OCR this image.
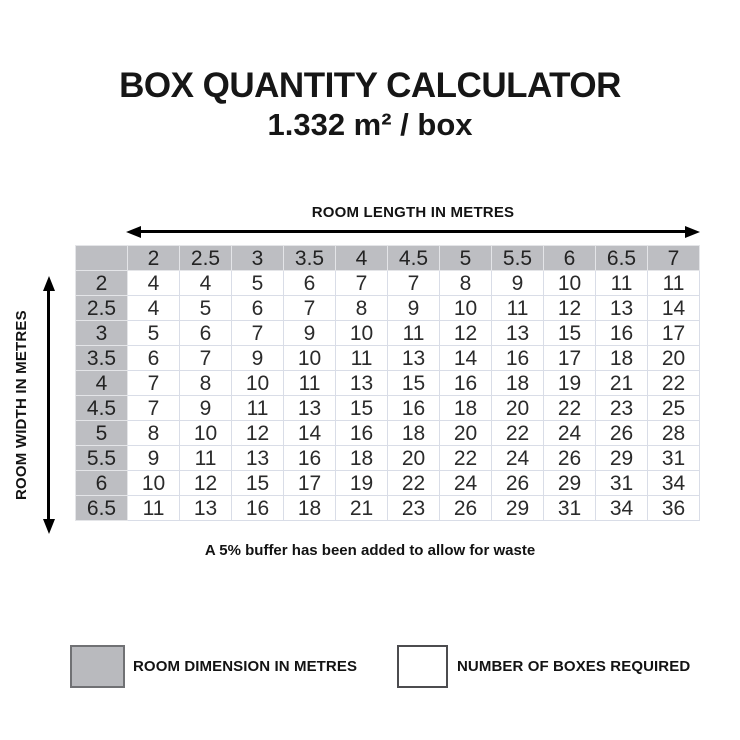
BOX QUANTITY CALCULATOR
1.332 m² / box
ROOM LENGTH IN METRES
ROOM WIDTH IN METRES
	2	2.5	3	3.5	4	4.5	5	5.5	6	6.5	7
2	4	4	5	6	7	7	8	9	10	11	11
2.5	4	5	6	7	8	9	10	11	12	13	14
3	5	6	7	9	10	11	12	13	15	16	17
3.5	6	7	9	10	11	13	14	16	17	18	20
4	7	8	10	11	13	15	16	18	19	21	22
4.5	7	9	11	13	15	16	18	20	22	23	25
5	8	10	12	14	16	18	20	22	24	26	28
5.5	9	11	13	16	18	20	22	24	26	29	31
6	10	12	15	17	19	22	24	26	29	31	34
6.5	11	13	16	18	21	23	26	29	31	34	36
A 5% buffer has been added to allow for waste
ROOM DIMENSION IN METRES	NUMBER OF BOXES REQUIRED
